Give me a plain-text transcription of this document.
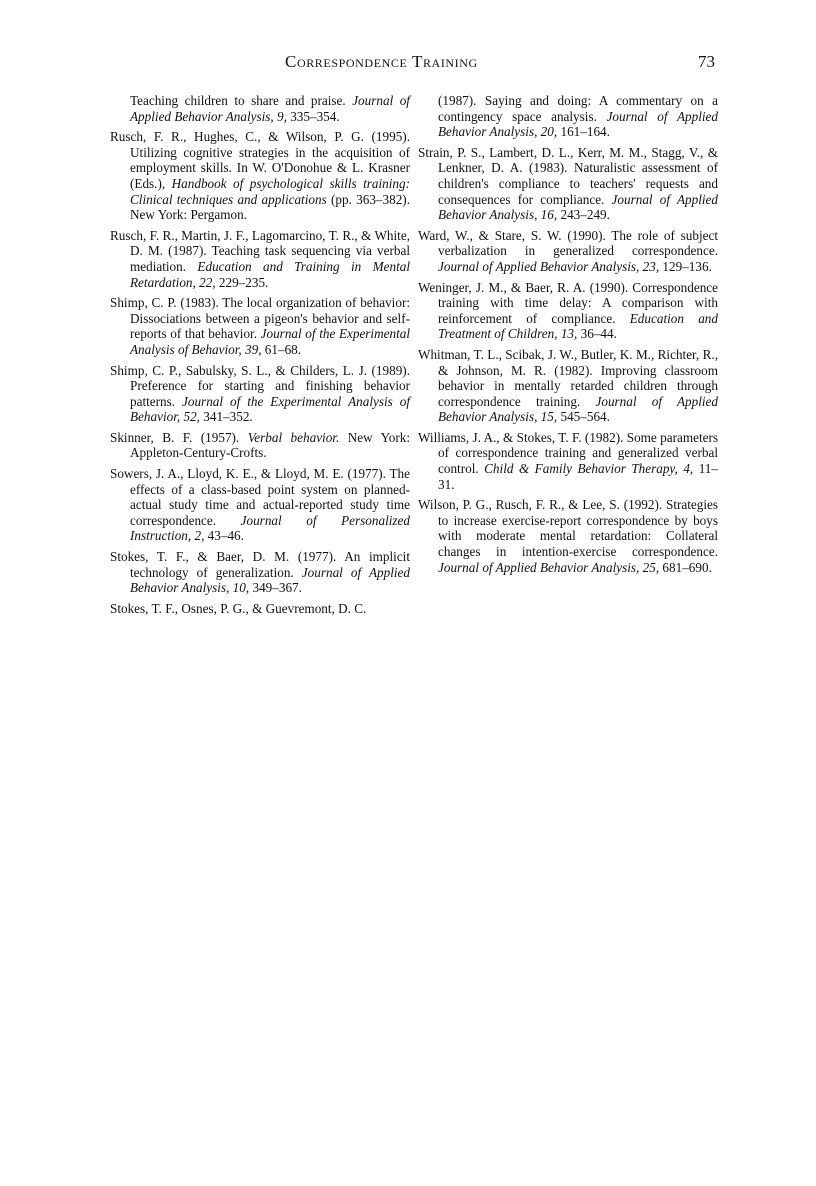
Correspondence Training	73

Teaching children to share and praise. Journal of Applied Behavior Analysis, 9, 335–354.

Rusch, F. R., Hughes, C., & Wilson, P. G. (1995). Utilizing cognitive strategies in the acquisition of employment skills. In W. O'Donohue & L. Krasner (Eds.), Handbook of psychological skills training: Clinical techniques and applications (pp. 363–382). New York: Pergamon.

Rusch, F. R., Martin, J. F., Lagomarcino, T. R., & White, D. M. (1987). Teaching task sequencing via verbal mediation. Education and Training in Mental Retardation, 22, 229–235.

Shimp, C. P. (1983). The local organization of behavior: Dissociations between a pigeon's behavior and self-reports of that behavior. Journal of the Experimental Analysis of Behavior, 39, 61–68.

Shimp, C. P., Sabulsky, S. L., & Childers, L. J. (1989). Preference for starting and finishing behavior patterns. Journal of the Experimental Analysis of Behavior, 52, 341–352.

Skinner, B. F. (1957). Verbal behavior. New York: Appleton-Century-Crofts.

Sowers, J. A., Lloyd, K. E., & Lloyd, M. E. (1977). The effects of a class-based point system on planned-actual study time and actual-reported study time correspondence. Journal of Personalized Instruction, 2, 43–46.

Stokes, T. F., & Baer, D. M. (1977). An implicit technology of generalization. Journal of Applied Behavior Analysis, 10, 349–367.

Stokes, T. F., Osnes, P. G., & Guevremont, D. C.

(1987). Saying and doing: A commentary on a contingency space analysis. Journal of Applied Behavior Analysis, 20, 161–164.

Strain, P. S., Lambert, D. L., Kerr, M. M., Stagg, V., & Lenkner, D. A. (1983). Naturalistic assessment of children's compliance to teachers' requests and consequences for compliance. Journal of Applied Behavior Analysis, 16, 243–249.

Ward, W., & Stare, S. W. (1990). The role of subject verbalization in generalized correspondence. Journal of Applied Behavior Analysis, 23, 129–136.

Weninger, J. M., & Baer, R. A. (1990). Correspondence training with time delay: A comparison with reinforcement of compliance. Education and Treatment of Children, 13, 36–44.

Whitman, T. L., Scibak, J. W., Butler, K. M., Richter, R., & Johnson, M. R. (1982). Improving classroom behavior in mentally retarded children through correspondence training. Journal of Applied Behavior Analysis, 15, 545–564.

Williams, J. A., & Stokes, T. F. (1982). Some parameters of correspondence training and generalized verbal control. Child & Family Behavior Therapy, 4, 11–31.

Wilson, P. G., Rusch, F. R., & Lee, S. (1992). Strategies to increase exercise-report correspondence by boys with moderate mental retardation: Collateral changes in intention-exercise correspondence. Journal of Applied Behavior Analysis, 25, 681–690.
